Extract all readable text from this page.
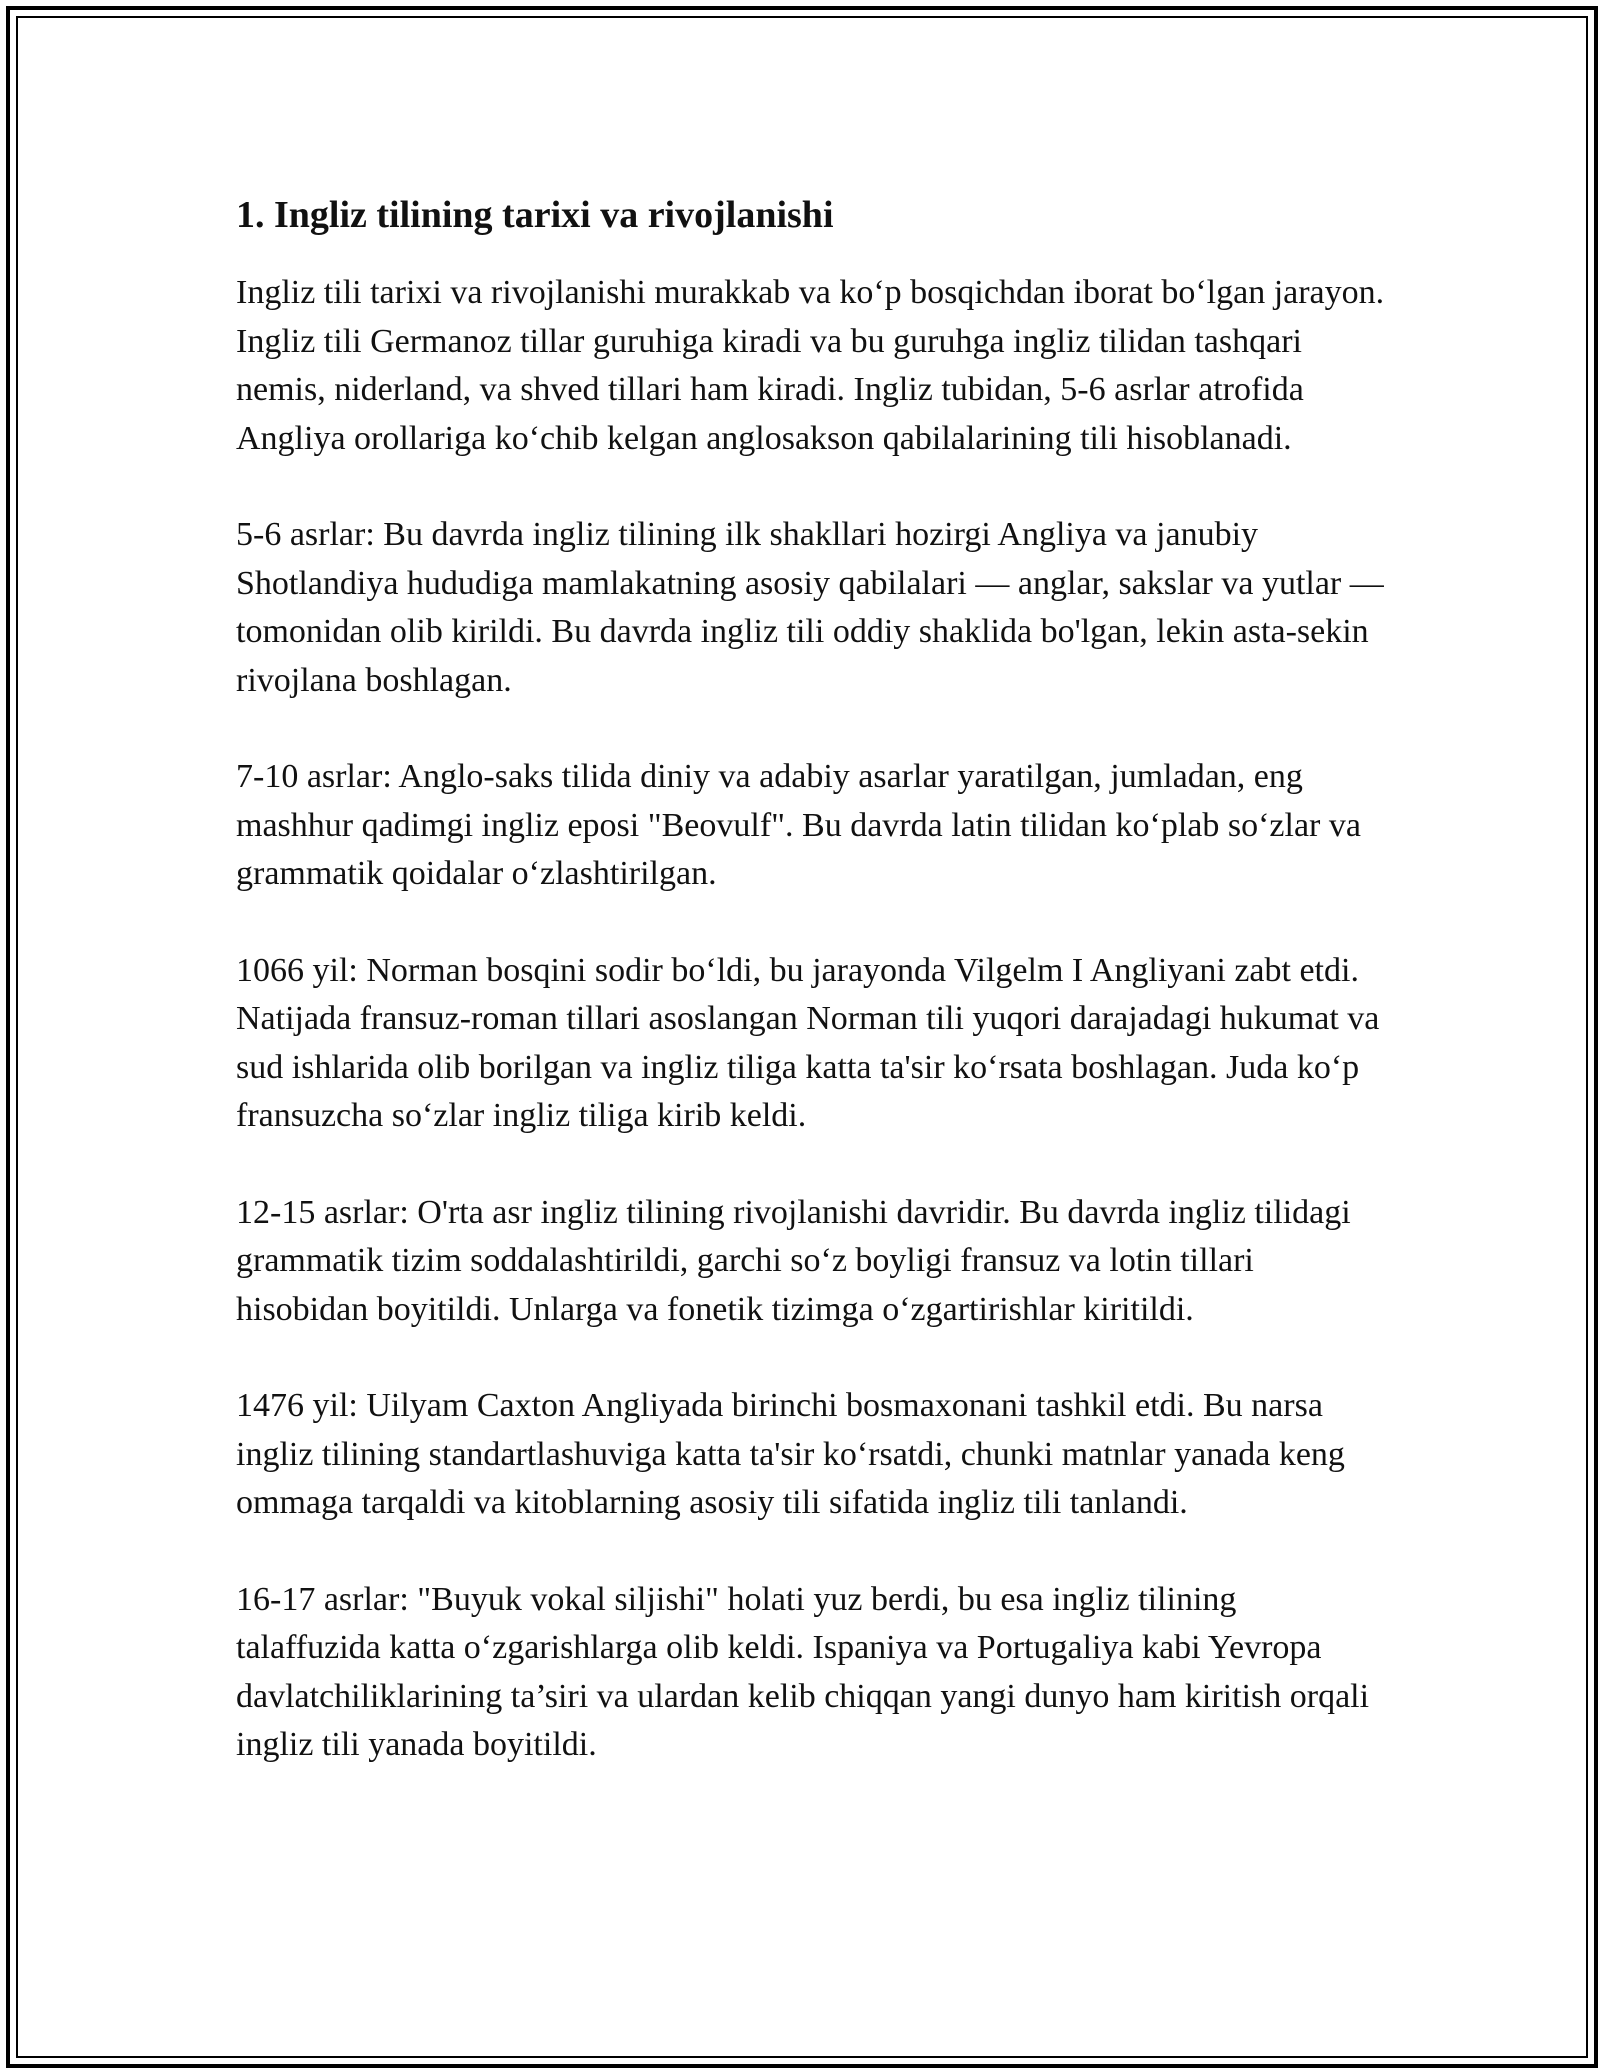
1. Ingliz tilining tarixi va rivojlanishi

Ingliz tili tarixi va rivojlanishi murakkab va ko‘p bosqichdan iborat bo‘lgan jarayon. Ingliz tili Germanoz tillar guruhiga kiradi va bu guruhga ingliz tilidan tashqari nemis, niderland, va shved tillari ham kiradi. Ingliz tubidan, 5-6 asrlar atrofida Angliya orollariga ko‘chib kelgan anglosakson qabilalarining tili hisoblanadi.

5-6 asrlar: Bu davrda ingliz tilining ilk shakllari hozirgi Angliya va janubiy Shotlandiya hududiga mamlakatning asosiy qabilalari — anglar, sakslar va yutlar — tomonidan olib kirildi. Bu davrda ingliz tili oddiy shaklida bo'lgan, lekin asta-sekin rivojlana boshlagan.

7-10 asrlar: Anglo-saks tilida diniy va adabiy asarlar yaratilgan, jumladan, eng mashhur qadimgi ingliz eposi "Beovulf". Bu davrda latin tilidan ko‘plab so‘zlar va grammatik qoidalar o‘zlashtirilgan.

1066 yil: Norman bosqini sodir bo‘ldi, bu jarayonda Vilgelm I Angliyani zabt etdi. Natijada fransuz-roman tillari asoslangan Norman tili yuqori darajadagi hukumat va sud ishlarida olib borilgan va ingliz tiliga katta ta'sir ko‘rsata boshlagan. Juda ko‘p fransuzcha so‘zlar ingliz tiliga kirib keldi.

12-15 asrlar: O'rta asr ingliz tilining rivojlanishi davridir. Bu davrda ingliz tilidagi grammatik tizim soddalashtirildi, garchi so‘z boyligi fransuz va lotin tillari hisobidan boyitildi. Unlarga va fonetik tizimga o‘zgartirishlar kiritildi.

1476 yil: Uilyam Caxton Angliyada birinchi bosmaxonani tashkil etdi. Bu narsa ingliz tilining standartlashuviga katta ta'sir ko‘rsatdi, chunki matnlar yanada keng ommaga tarqaldi va kitoblarning asosiy tili sifatida ingliz tili tanlandi.

16-17 asrlar: "Buyuk vokal siljishi" holati yuz berdi, bu esa ingliz tilining talaffuzida katta o‘zgarishlarga olib keldi. Ispaniya va Portugaliya kabi Yevropa davlatchiliklarining ta’siri va ulardan kelib chiqqan yangi dunyo ham kiritish orqali ingliz tili yanada boyitildi.
